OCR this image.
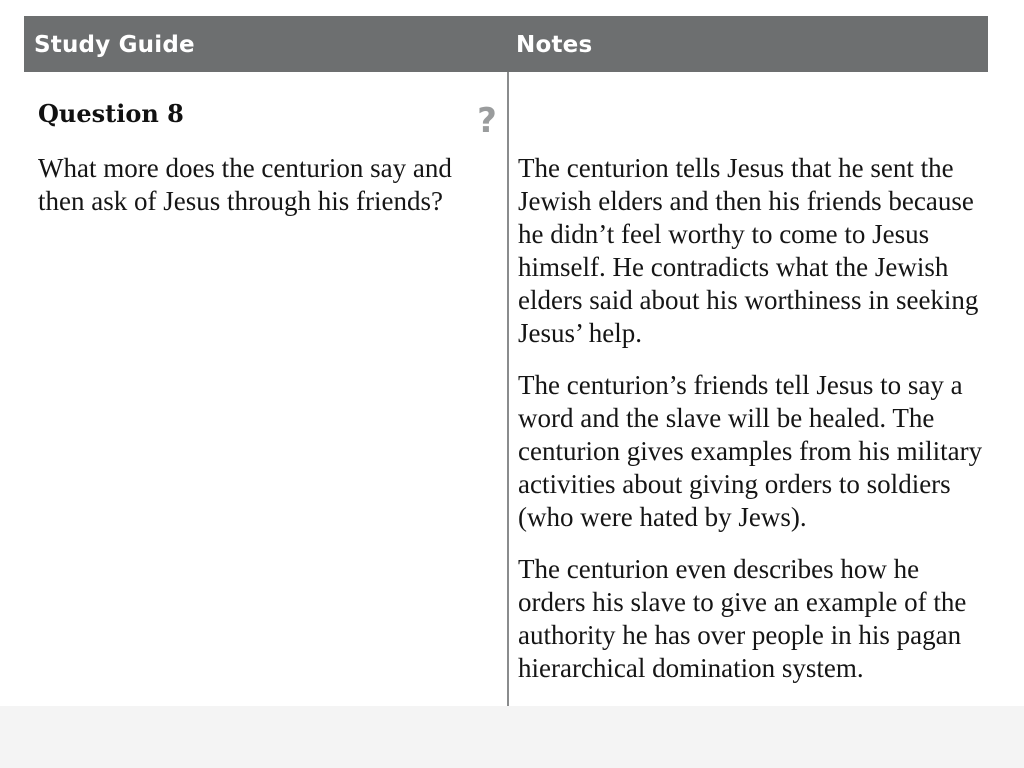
Study Guide	Notes
Question 8	?
What more does the centurion say and then ask of Jesus through his friends?

The centurion tells Jesus that he sent the Jewish elders and then his friends because he didn’t feel worthy to come to Jesus himself. He contradicts what the Jewish elders said about his worthiness in seeking Jesus’ help.

The centurion’s friends tell Jesus to say a word and the slave will be healed. The centurion gives examples from his military activities about giving orders to soldiers (who were hated by Jews).

The centurion even describes how he orders his slave to give an example of the authority he has over people in his pagan hierarchical domination system.
